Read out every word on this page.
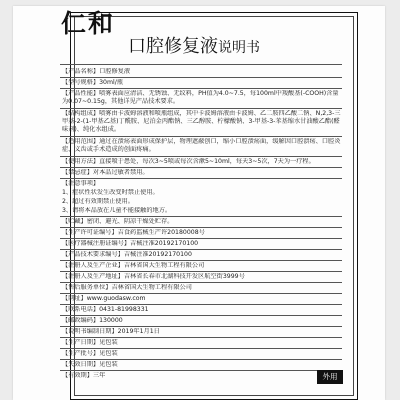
仁和
口腔修复液说明书
【产品名称】口腔修复液
【型号规格】30ml/瓶
【产品性能】喷雾表面应清洁、无锈蚀、无纹料，PH值为4.0~7.5，每100ml中羧酸基(-COOH)含量为0.07~0.15g，其他详见产品技术要求。
【结构组成】喷雾由卡波姆溶液和喷瓶组成，其中卡波姆溶液由卡波姆、乙二胺四乙酸二钠、N,2,3-三甲基-2-(1-甲基乙基)丁酰胺、尼泊金丙酯钠、三乙醇胺、柠檬酸钠、3-甲基-3-苯基缩水甘油酸乙酯(醛味剂)、纯化水组成。
【适用范围】通过在溃疡表面形成保护层，物理遮蔽创口，缩小口腔溃疡面，缓解因口腔溃疡、口腔炎症、义齿或手术造成的创面疼痛。
【使用方法】直接喷于患处，每次3~5喷或每次含漱5~10ml，每天3~5次，7天为一疗程。
【禁忌症】对本品过敏者禁用。
【注意事项】
1、症状性状发生改变时禁止使用。
2、超过有效期禁止使用。
3、请将本品放在儿童不能接触的地方。
【贮藏】密闭、避光、阴凉干燥处贮存。
【生产许可证编号】吉食药监械生产许20180008号
【医疗器械注册证编号】吉械注准20192170100
【产品技术要求编号】吉械注准20192170100
【注册人及生产企业】吉林省国大生物工程有限公司
【注册人及生产地址】吉林省长春市北湖科技开发区航空街3999号
【售后服务单位】吉林省国大生物工程有限公司
【网址】www.guodasw.com
【联系电话】0431-81998331
【邮政编码】130000
【说明书编制日期】2019年1月1日
【生产日期】见包装
【生产批号】见包装
【失效日期】见包装
【有效期】三年	外用
